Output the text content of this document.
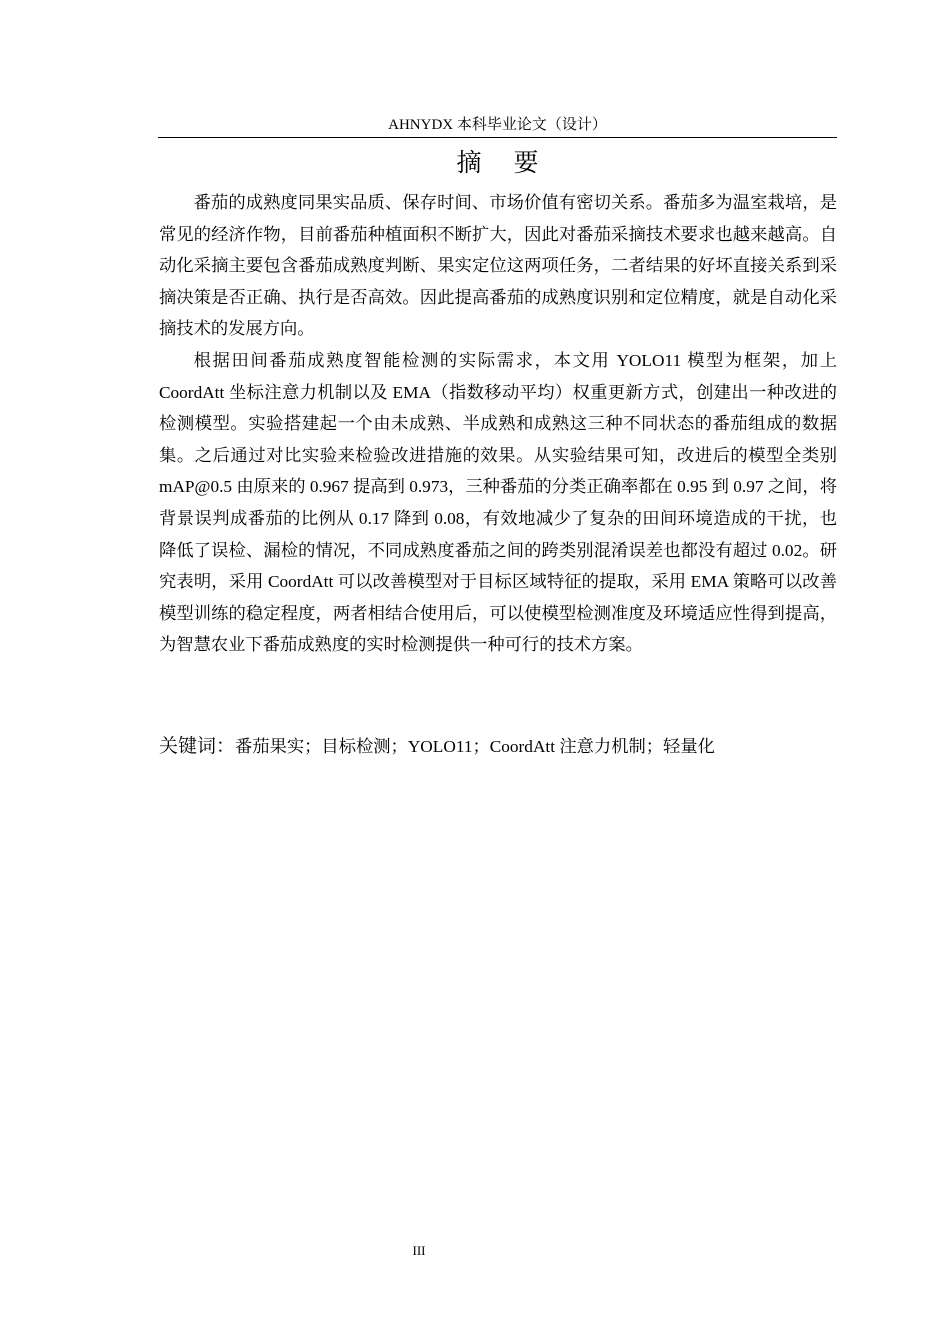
AHNYDX 本科毕业论文（设计）
摘 要

番茄的成熟度同果实品质、保存时间、市场价值有密切关系。番茄多为温室栽培，是常见的经济作物，目前番茄种植面积不断扩大，因此对番茄采摘技术要求也越来越高。自动化采摘主要包含番茄成熟度判断、果实定位这两项任务，二者结果的好坏直接关系到采摘决策是否正确、执行是否高效。因此提高番茄的成熟度识别和定位精度，就是自动化采摘技术的发展方向。

根据田间番茄成熟度智能检测的实际需求，本文用 YOLO11 模型为框架，加上 CoordAtt 坐标注意力机制以及 EMA（指数移动平均）权重更新方式，创建出一种改进的检测模型。实验搭建起一个由未成熟、半成熟和成熟这三种不同状态的番茄组成的数据集。之后通过对比实验来检验改进措施的效果。从实验结果可知，改进后的模型全类别 mAP@0.5 由原来的 0.967 提高到 0.973，三种番茄的分类正确率都在 0.95 到 0.97 之间，将背景误判成番茄的比例从 0.17 降到 0.08，有效地减少了复杂的田间环境造成的干扰，也降低了误检、漏检的情况，不同成熟度番茄之间的跨类别混淆误差也都没有超过 0.02。研究表明，采用 CoordAtt 可以改善模型对于目标区域特征的提取，采用 EMA 策略可以改善模型训练的稳定程度，两者相结合使用后，可以使模型检测准度及环境适应性得到提高，为智慧农业下番茄成熟度的实时检测提供一种可行的技术方案。

关键词：番茄果实；目标检测；YOLO11；CoordAtt 注意力机制；轻量化
III
